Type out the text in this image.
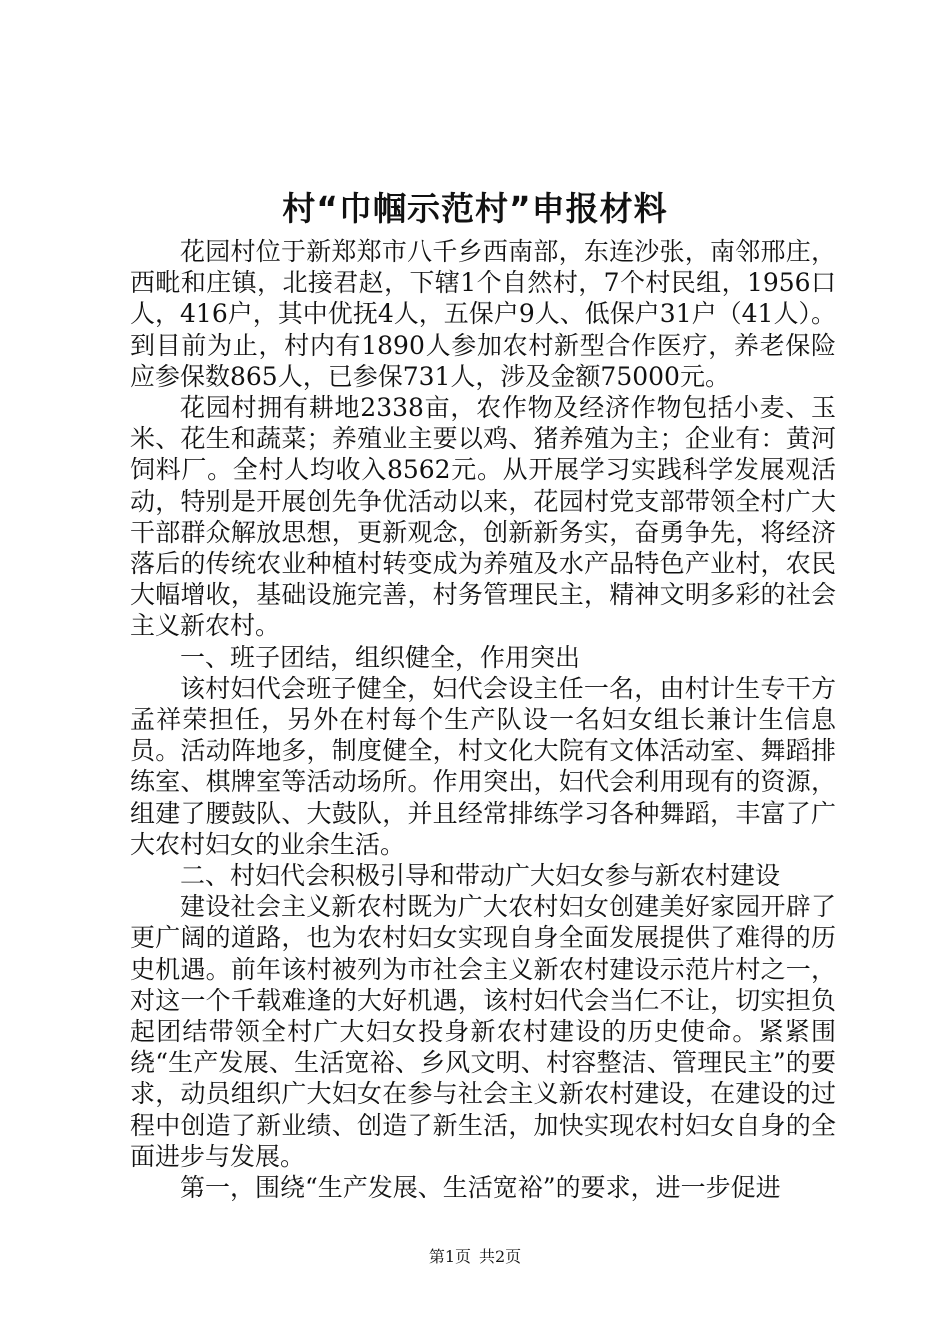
村“巾帼示范村”申报材料

花园村位于新郑郑市八千乡西南部，东连沙张，南邻邢庄，西毗和庄镇，北接君赵，下辖1个自然村，7个村民组，1956口人，416户，其中优抚4人，五保户9人、低保户31户（41人）。到目前为止，村内有1890人参加农村新型合作医疗，养老保险应参保数865人，已参保731人，涉及金额75000元。

花园村拥有耕地2338亩，农作物及经济作物包括小麦、玉米、花生和蔬菜；养殖业主要以鸡、猪养殖为主；企业有：黄河饲料厂。全村人均收入8562元。从开展学习实践科学发展观活动，特别是开展创先争优活动以来，花园村党支部带领全村广大干部群众解放思想，更新观念，创新新务实，奋勇争先，将经济落后的传统农业种植村转变成为养殖及水产品特色产业村，农民大幅增收，基础设施完善，村务管理民主，精神文明多彩的社会主义新农村。

一、班子团结，组织健全，作用突出

该村妇代会班子健全，妇代会设主任一名，由村计生专干方孟祥荣担任，另外在村每个生产队设一名妇女组长兼计生信息员。活动阵地多，制度健全，村文化大院有文体活动室、舞蹈排练室、棋牌室等活动场所。作用突出，妇代会利用现有的资源，组建了腰鼓队、大鼓队，并且经常排练学习各种舞蹈，丰富了广大农村妇女的业余生活。

二、村妇代会积极引导和带动广大妇女参与新农村建设

建设社会主义新农村既为广大农村妇女创建美好家园开辟了更广阔的道路，也为农村妇女实现自身全面发展提供了难得的历史机遇。前年该村被列为市社会主义新农村建设示范片村之一，对这一个千载难逢的大好机遇，该村妇代会当仁不让，切实担负起团结带领全村广大妇女投身新农村建设的历史使命。紧紧围绕“生产发展、生活宽裕、乡风文明、村容整洁、管理民主”的要求，动员组织广大妇女在参与社会主义新农村建设，在建设的过程中创造了新业绩、创造了新生活，加快实现农村妇女自身的全面进步与发展。

第一，围绕“生产发展、生活宽裕”的要求，进一步促进

第1页 共2页
